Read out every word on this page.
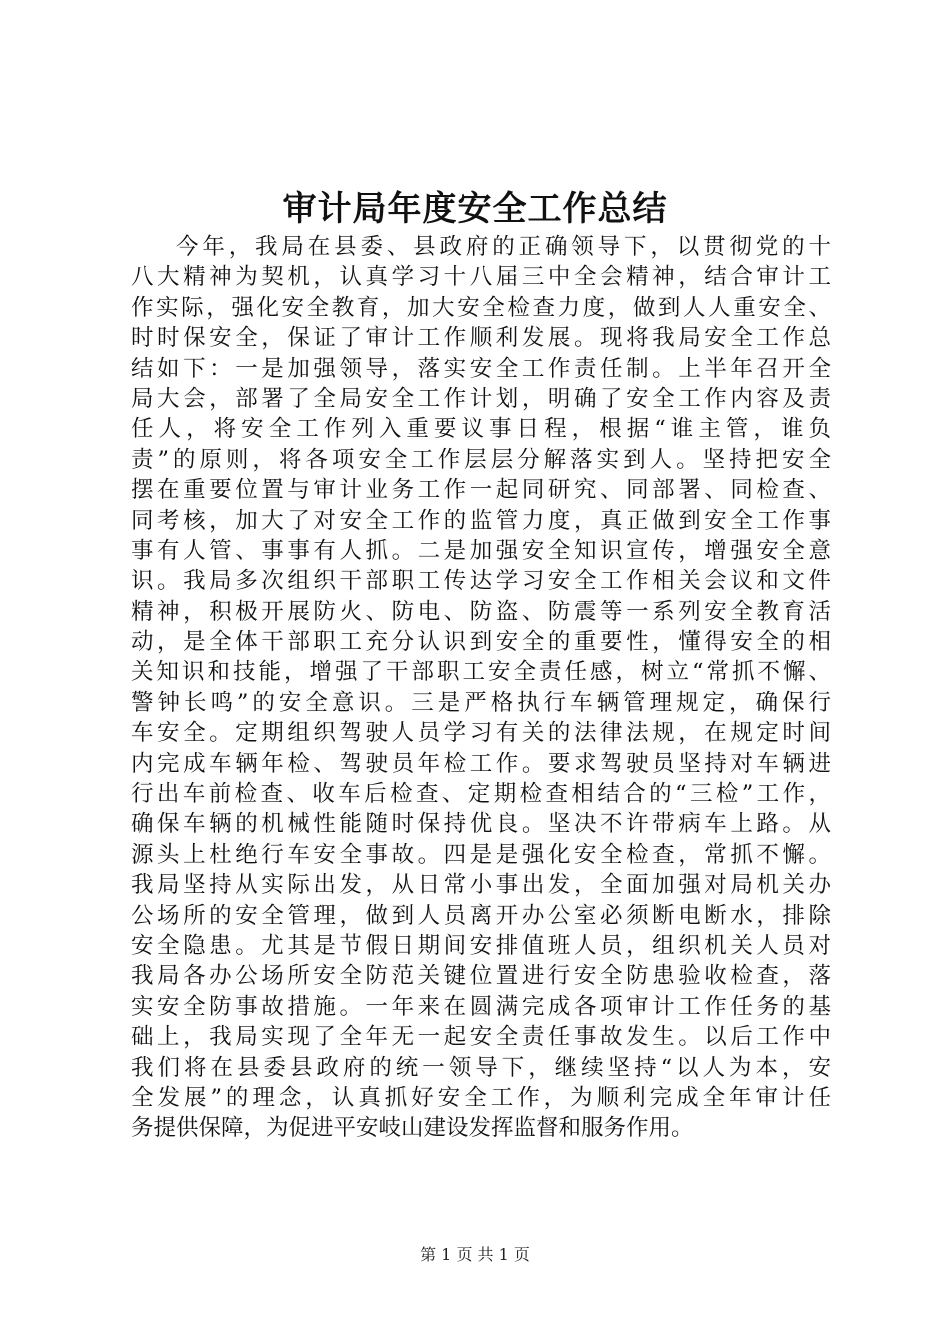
审计局年度安全工作总结
今年，我局在县委、县政府的正确领导下，以贯彻党的十
八大精神为契机，认真学习十八届三中全会精神，结合审计工
作实际，强化安全教育，加大安全检查力度，做到人人重安全、
时时保安全，保证了审计工作顺利发展。现将我局安全工作总
结如下：一是加强领导，落实安全工作责任制。上半年召开全
局大会，部署了全局安全工作计划，明确了安全工作内容及责
任人，将安全工作列入重要议事日程，根据“谁主管，谁负
责”的原则，将各项安全工作层层分解落实到人。坚持把安全
摆在重要位置与审计业务工作一起同研究、同部署、同检查、
同考核，加大了对安全工作的监管力度，真正做到安全工作事
事有人管、事事有人抓。二是加强安全知识宣传，增强安全意
识。我局多次组织干部职工传达学习安全工作相关会议和文件
精神，积极开展防火、防电、防盗、防震等一系列安全教育活
动，是全体干部职工充分认识到安全的重要性，懂得安全的相
关知识和技能，增强了干部职工安全责任感，树立“常抓不懈、
警钟长鸣”的安全意识。三是严格执行车辆管理规定，确保行
车安全。定期组织驾驶人员学习有关的法律法规，在规定时间
内完成车辆年检、驾驶员年检工作。要求驾驶员坚持对车辆进
行出车前检查、收车后检查、定期检查相结合的“三检”工作，
确保车辆的机械性能随时保持优良。坚决不许带病车上路。从
源头上杜绝行车安全事故。四是是强化安全检查，常抓不懈。
我局坚持从实际出发，从日常小事出发，全面加强对局机关办
公场所的安全管理，做到人员离开办公室必须断电断水，排除
安全隐患。尤其是节假日期间安排值班人员，组织机关人员对
我局各办公场所安全防范关键位置进行安全防患验收检查，落
实安全防事故措施。一年来在圆满完成各项审计工作任务的基
础上，我局实现了全年无一起安全责任事故发生。以后工作中
我们将在县委县政府的统一领导下，继续坚持“以人为本，安
全发展”的理念，认真抓好安全工作，为顺利完成全年审计任
务提供保障，为促进平安岐山建设发挥监督和服务作用。
第 1 页 共 1 页
